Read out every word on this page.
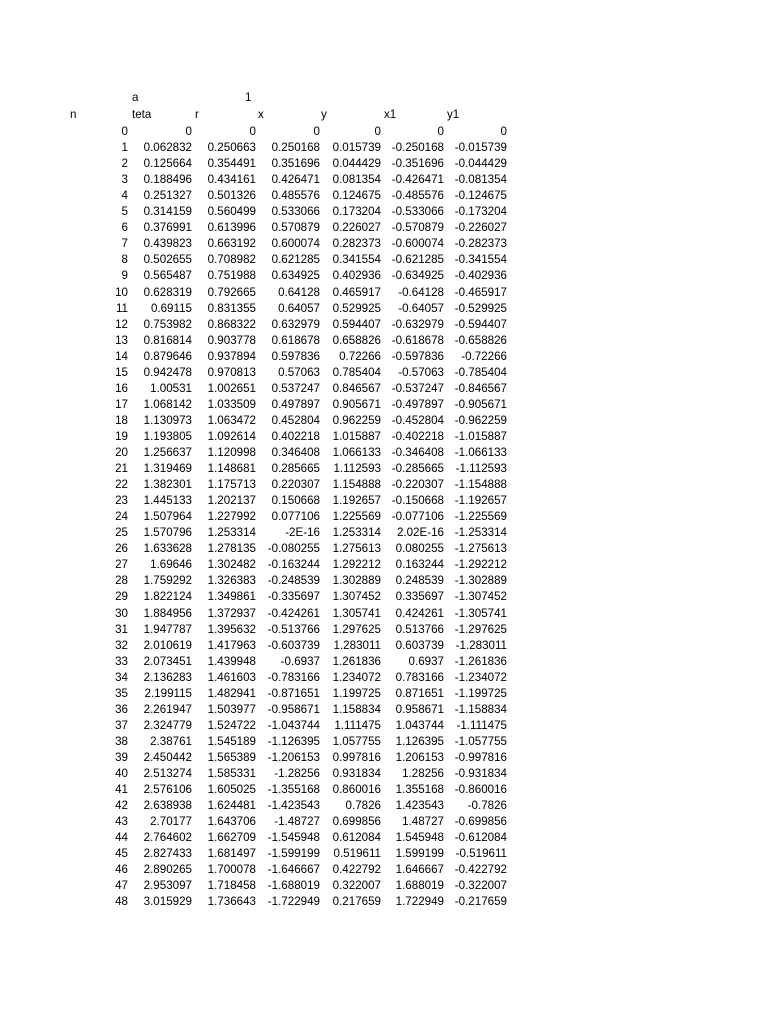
a	1
n	teta	r	x	y	x1	y1
0	0	0	0	0	0	0
1	0.062832	0.250663	0.250168	0.015739 -0.250168 -0.015739
2	0.125664	0.354491	0.351696	0.044429 -0.351696 -0.044429
3	0.188496	0.434161	0.426471	0.081354 -0.426471 -0.081354
4	0.251327	0.501326	0.485576	0.124675 -0.485576 -0.124675
5	0.314159	0.560499	0.533066	0.173204 -0.533066 -0.173204
6	0.376991	0.613996	0.570879	0.226027 -0.570879 -0.226027
7	0.439823	0.663192	0.600074	0.282373 -0.600074 -0.282373
8	0.502655	0.708982	0.621285	0.341554 -0.621285 -0.341554
9	0.565487	0.751988	0.634925	0.402936 -0.634925 -0.402936
10	0.628319	0.792665	0.64128	0.465917	-0.64128 -0.465917
11	0.69115	0.831355	0.64057	0.529925	-0.64057 -0.529925
12	0.753982	0.868322	0.632979	0.594407 -0.632979 -0.594407
13	0.816814	0.903778	0.618678	0.658826 -0.618678 -0.658826
14	0.879646	0.937894	0.597836	0.72266 -0.597836	-0.72266
15	0.942478	0.970813	0.57063	0.785404	-0.57063 -0.785404
16	1.00531	1.002651	0.537247	0.846567 -0.537247 -0.846567
17	1.068142	1.033509	0.497897	0.905671 -0.497897 -0.905671
18	1.130973	1.063472	0.452804	0.962259 -0.452804 -0.962259
19	1.193805	1.092614	0.402218	1.015887 -0.402218 -1.015887
20	1.256637	1.120998	0.346408	1.066133 -0.346408 -1.066133
21	1.319469	1.148681	0.285665	1.112593 -0.285665	-1.112593
22	1.382301	1.175713	0.220307	1.154888 -0.220307 -1.154888
23	1.445133	1.202137	0.150668	1.192657 -0.150668 -1.192657
24	1.507964	1.227992	0.077106	1.225569 -0.077106 -1.225569
25	1.570796	1.253314	-2E-16	1.253314	2.02E-16 -1.253314
26	1.633628	1.278135	-0.080255	1.275613	0.080255 -1.275613
27	1.69646	1.302482	-0.163244	1.292212	0.163244 -1.292212
28	1.759292	1.326383	-0.248539	1.302889	0.248539 -1.302889
29	1.822124	1.349861	-0.335697	1.307452	0.335697 -1.307452
30	1.884956	1.372937	-0.424261	1.305741	0.424261 -1.305741
31	1.947787	1.395632	-0.513766	1.297625	0.513766 -1.297625
32	2.010619	1.417963	-0.603739	1.283011	0.603739	-1.283011
33	2.073451	1.439948	-0.6937	1.261836	0.6937 -1.261836
34	2.136283	1.461603	-0.783166	1.234072	0.783166 -1.234072
35	2.199115	1.482941	-0.871651	1.199725	0.871651 -1.199725
36	2.261947	1.503977	-0.958671	1.158834	0.958671 -1.158834
37	2.324779	1.524722	-1.043744	1.111475	1.043744	-1.111475
38	2.38761	1.545189	-1.126395	1.057755	1.126395 -1.057755
39	2.450442	1.565389	-1.206153	0.997816	1.206153 -0.997816
40	2.513274	1.585331	-1.28256	0.931834	1.28256 -0.931834
41	2.576106	1.605025	-1.355168	0.860016	1.355168 -0.860016
42	2.638938	1.624481	-1.423543	0.7826	1.423543	-0.7826
43	2.70177	1.643706	-1.48727	0.699856	1.48727 -0.699856
44	2.764602	1.662709	-1.545948	0.612084	1.545948 -0.612084
45	2.827433	1.681497	-1.599199	0.519611	1.599199	-0.519611
46	2.890265	1.700078	-1.646667	0.422792	1.646667 -0.422792
47	2.953097	1.718458	-1.688019	0.322007	1.688019 -0.322007
48	3.015929	1.736643	-1.722949	0.217659	1.722949 -0.217659
